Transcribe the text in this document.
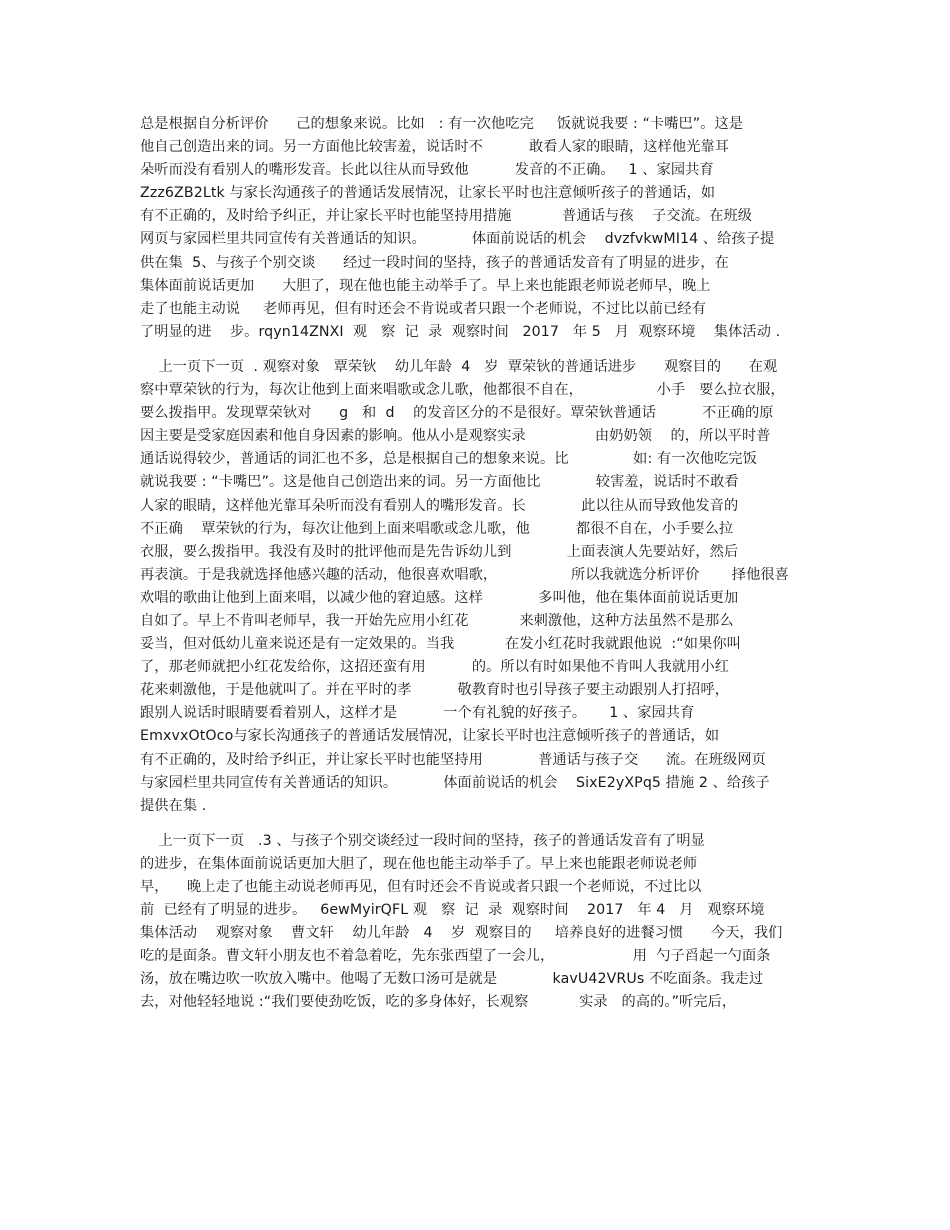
总是根据自分析评价      己的想象来说。比如   : 有一次他吃完     饭就说我要 : “卡嘴巴”。这是
他自己创造出来的词。另一方面他比较害羞，说话时不          敢看人家的眼睛，这样他光靠耳
朵听而没有看别人的嘴形发音。长此以往从而导致他          发音的不正确。   1 、家园共育
Zzz6ZB2Ltk 与家长沟通孩子的普通话发展情况，让家长平时也注意倾听孩子的普通话，如
有不正确的，及时给予纠正，并让家长平时也能坚持用措施           普通话与孩    子交流。在班级
网页与家园栏里共同宣传有关普通话的知识。          体面前说话的机会    dvzfvkwMI14 、给孩子提
供在集  5、与孩子个别交谈      经过一段时间的坚持，孩子的普通话发音有了明显的进步，在
集体面前说话更加      大胆了，现在他也能主动举手了。早上来也能跟老师说老师早，晚上
走了也能主动说     老师再见，但有时还会不肯说或者只跟一个老师说，不过比以前已经有
了明显的进    步。rqyn14ZNXI  观   察  记  录  观察时间   2017   年 5   月  观察环境    集体活动 .
上一页下一页  . 观察对象   覃荣钬    幼儿年龄  4   岁  覃荣钬的普通话进步      观察目的      在观
察中覃荣钬的行为，每次让他到上面来唱歌或念儿歌，他都很不自在，                小手   要么拉衣服，
要么拨指甲。发现覃荣钬对      g   和  d    的发音区分的不是很好。覃荣钬普通话          不正确的原
因主要是受家庭因素和他自身因素的影响。他从小是观察实录               由奶奶领    的，所以平时普
通话说得较少，普通话的词汇也不多，总是根据自己的想象来说。比              如: 有一次他吃完饭
就说我要 : “卡嘴巴”。这是他自己创造出来的词。另一方面他比            较害羞，说话时不敢看
人家的眼睛，这样他光靠耳朵听而没有看别人的嘴形发音。长            此以往从而导致他发音的
不正确    覃荣钬的行为，每次让他到上面来唱歌或念儿歌，他          都很不自在，小手要么拉
衣服，要么拨指甲。我没有及时的批评他而是先告诉幼儿到            上面表演人先要站好，然后
再表演。于是我就选择他感兴趣的活动，他很喜欢唱歌，                所以我就选分析评价       择他很喜
欢唱的歌曲让他到上面来唱，以减少他的窘迫感。这样            多叫他，他在集体面前说话更加
自如了。早上不肯叫老师早，我一开始先应用小红花           来刺激他，这种方法虽然不是那么
妥当，但对低幼儿童来说还是有一定效果的。当我           在发小红花时我就跟他说  :“如果你叫
了，那老师就把小红花发给你，这招还蛮有用          的。所以有时如果他不肯叫人我就用小红
花来刺激他，于是他就叫了。并在平时的孝          敬教育时也引导孩子要主动跟别人打招呼，
跟别人说话时眼睛要看着别人，这样才是          一个有礼貌的好孩子。     1 、家园共育
EmxvxOtOco与家长沟通孩子的普通话发展情况，让家长平时也注意倾听孩子的普通话，如
有不正确的，及时给予纠正，并让家长平时也能坚持用            普通话与孩子交      流。在班级网页
与家园栏里共同宣传有关普通话的知识。          体面前说话的机会    SixE2yXPq5 措施 2 、给孩子
提供在集 .
上一页下一页   .3 、与孩子个别交谈经过一段时间的坚持，孩子的普通话发音有了明显
的进步，在集体面前说话更加大胆了，现在他也能主动举手了。早上来也能跟老师说老师
早，    晚上走了也能主动说老师再见，但有时还会不肯说或者只跟一个老师说，不过比以
前  已经有了明显的进步。   6ewMyirQFL 观   察  记  录  观察时间    2017   年 4   月   观察环境
集体活动    观察对象    曹文轩    幼儿年龄   4    岁  观察目的     培养良好的进餐习惯      今天，我们
吃的是面条。曹文轩小朋友也不着急着吃，先东张西望了一会儿，                 用  勺子舀起一勺面条
汤，放在嘴边吹一吹放入嘴中。他喝了无数口汤可是就是            kavU42VRUs 不吃面条。我走过
去，对他轻轻地说 :“我们要使劲吃饭，吃的多身体好，长观察           实录   的高的。”听完后，
